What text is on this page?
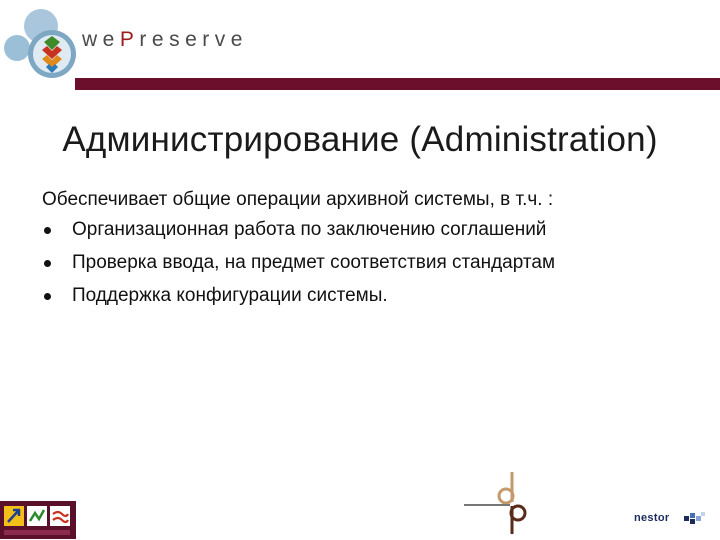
wePreserve
Администрирование (Administration)

Обеспечивает общие операции архивной системы, в т.ч. :

Организационная работа по заключению соглашений
Проверка ввода, на предмет соответствия стандартам
Поддержка конфигурации системы.
nestor
